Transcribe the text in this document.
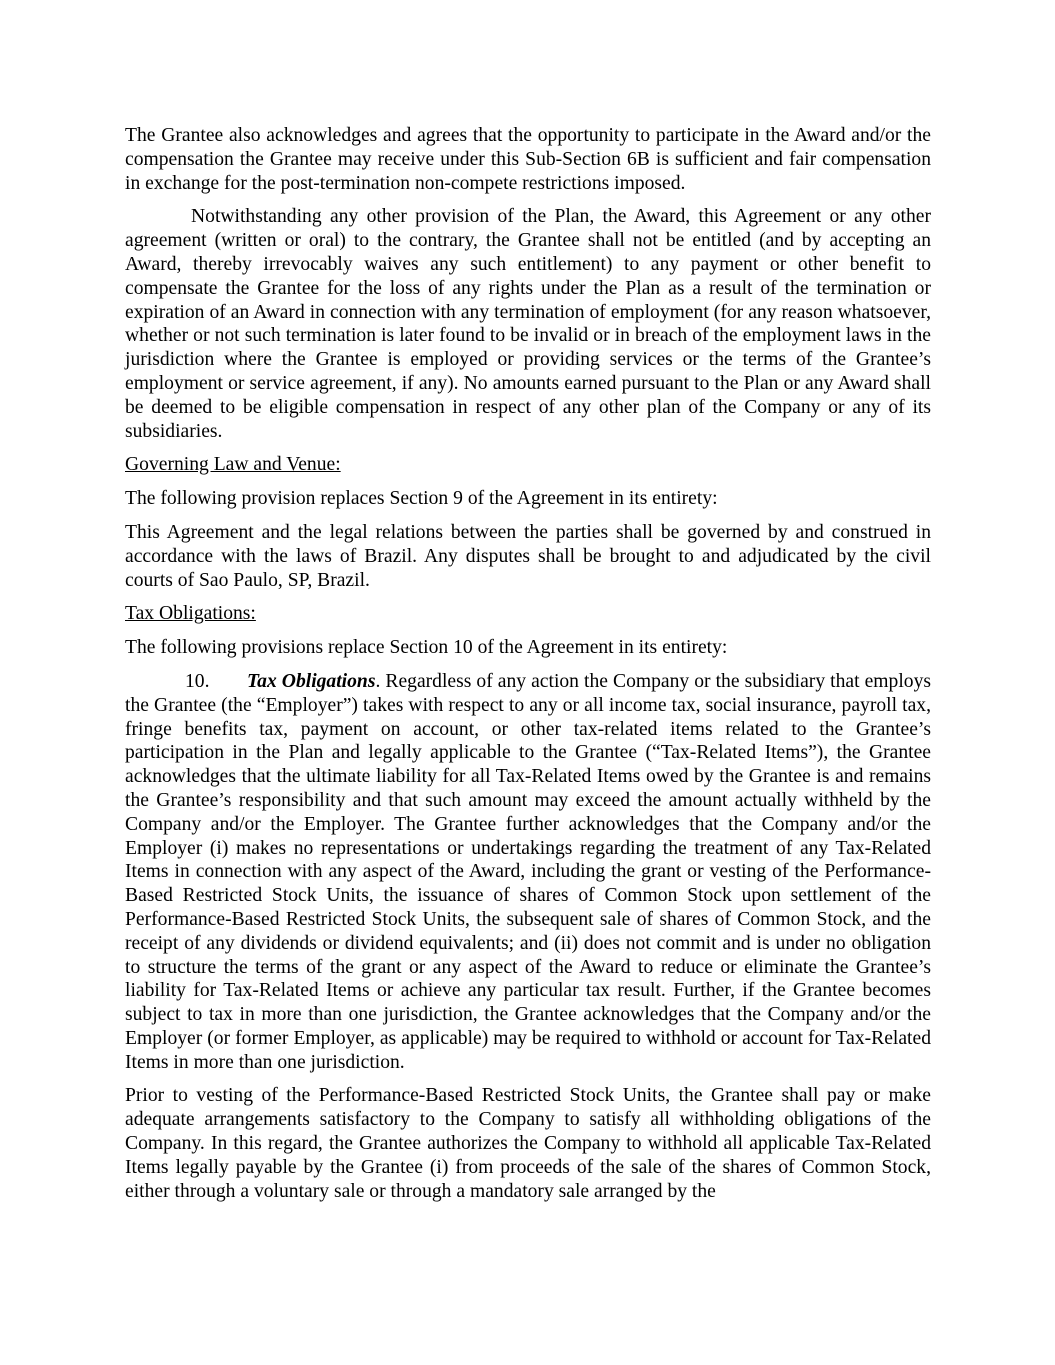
The Grantee also acknowledges and agrees that the opportunity to participate in the Award and/or the compensation the Grantee may receive under this Sub-Section 6B is sufficient and fair compensation in exchange for the post-termination non-compete restrictions imposed.

Notwithstanding any other provision of the Plan, the Award, this Agreement or any other agreement (written or oral) to the contrary, the Grantee shall not be entitled (and by accepting an Award, thereby irrevocably waives any such entitlement) to any payment or other benefit to compensate the Grantee for the loss of any rights under the Plan as a result of the termination or expiration of an Award in connection with any termination of employment (for any reason whatsoever, whether or not such termination is later found to be invalid or in breach of the employment laws in the jurisdiction where the Grantee is employed or providing services or the terms of the Grantee’s employment or service agreement, if any). No amounts earned pursuant to the Plan or any Award shall be deemed to be eligible compensation in respect of any other plan of the Company or any of its subsidiaries.

Governing Law and Venue:

The following provision replaces Section 9 of the Agreement in its entirety:

This Agreement and the legal relations between the parties shall be governed by and construed in accordance with the laws of Brazil. Any disputes shall be brought to and adjudicated by the civil courts of Sao Paulo, SP, Brazil.

Tax Obligations:

The following provisions replace Section 10 of the Agreement in its entirety:

10. Tax Obligations. Regardless of any action the Company or the subsidiary that employs the Grantee (the “Employer”) takes with respect to any or all income tax, social insurance, payroll tax, fringe benefits tax, payment on account, or other tax-related items related to the Grantee’s participation in the Plan and legally applicable to the Grantee (“Tax-Related Items”), the Grantee acknowledges that the ultimate liability for all Tax-Related Items owed by the Grantee is and remains the Grantee’s responsibility and that such amount may exceed the amount actually withheld by the Company and/or the Employer. The Grantee further acknowledges that the Company and/or the Employer (i) makes no representations or undertakings regarding the treatment of any Tax-Related Items in connection with any aspect of the Award, including the grant or vesting of the Performance-Based Restricted Stock Units, the issuance of shares of Common Stock upon settlement of the Performance-Based Restricted Stock Units, the subsequent sale of shares of Common Stock, and the receipt of any dividends or dividend equivalents; and (ii) does not commit and is under no obligation to structure the terms of the grant or any aspect of the Award to reduce or eliminate the Grantee’s liability for Tax-Related Items or achieve any particular tax result. Further, if the Grantee becomes subject to tax in more than one jurisdiction, the Grantee acknowledges that the Company and/or the Employer (or former Employer, as applicable) may be required to withhold or account for Tax-Related Items in more than one jurisdiction.

Prior to vesting of the Performance-Based Restricted Stock Units, the Grantee shall pay or make adequate arrangements satisfactory to the Company to satisfy all withholding obligations of the Company. In this regard, the Grantee authorizes the Company to withhold all applicable Tax-Related Items legally payable by the Grantee (i) from proceeds of the sale of the shares of Common Stock, either through a voluntary sale or through a mandatory sale arranged by the
